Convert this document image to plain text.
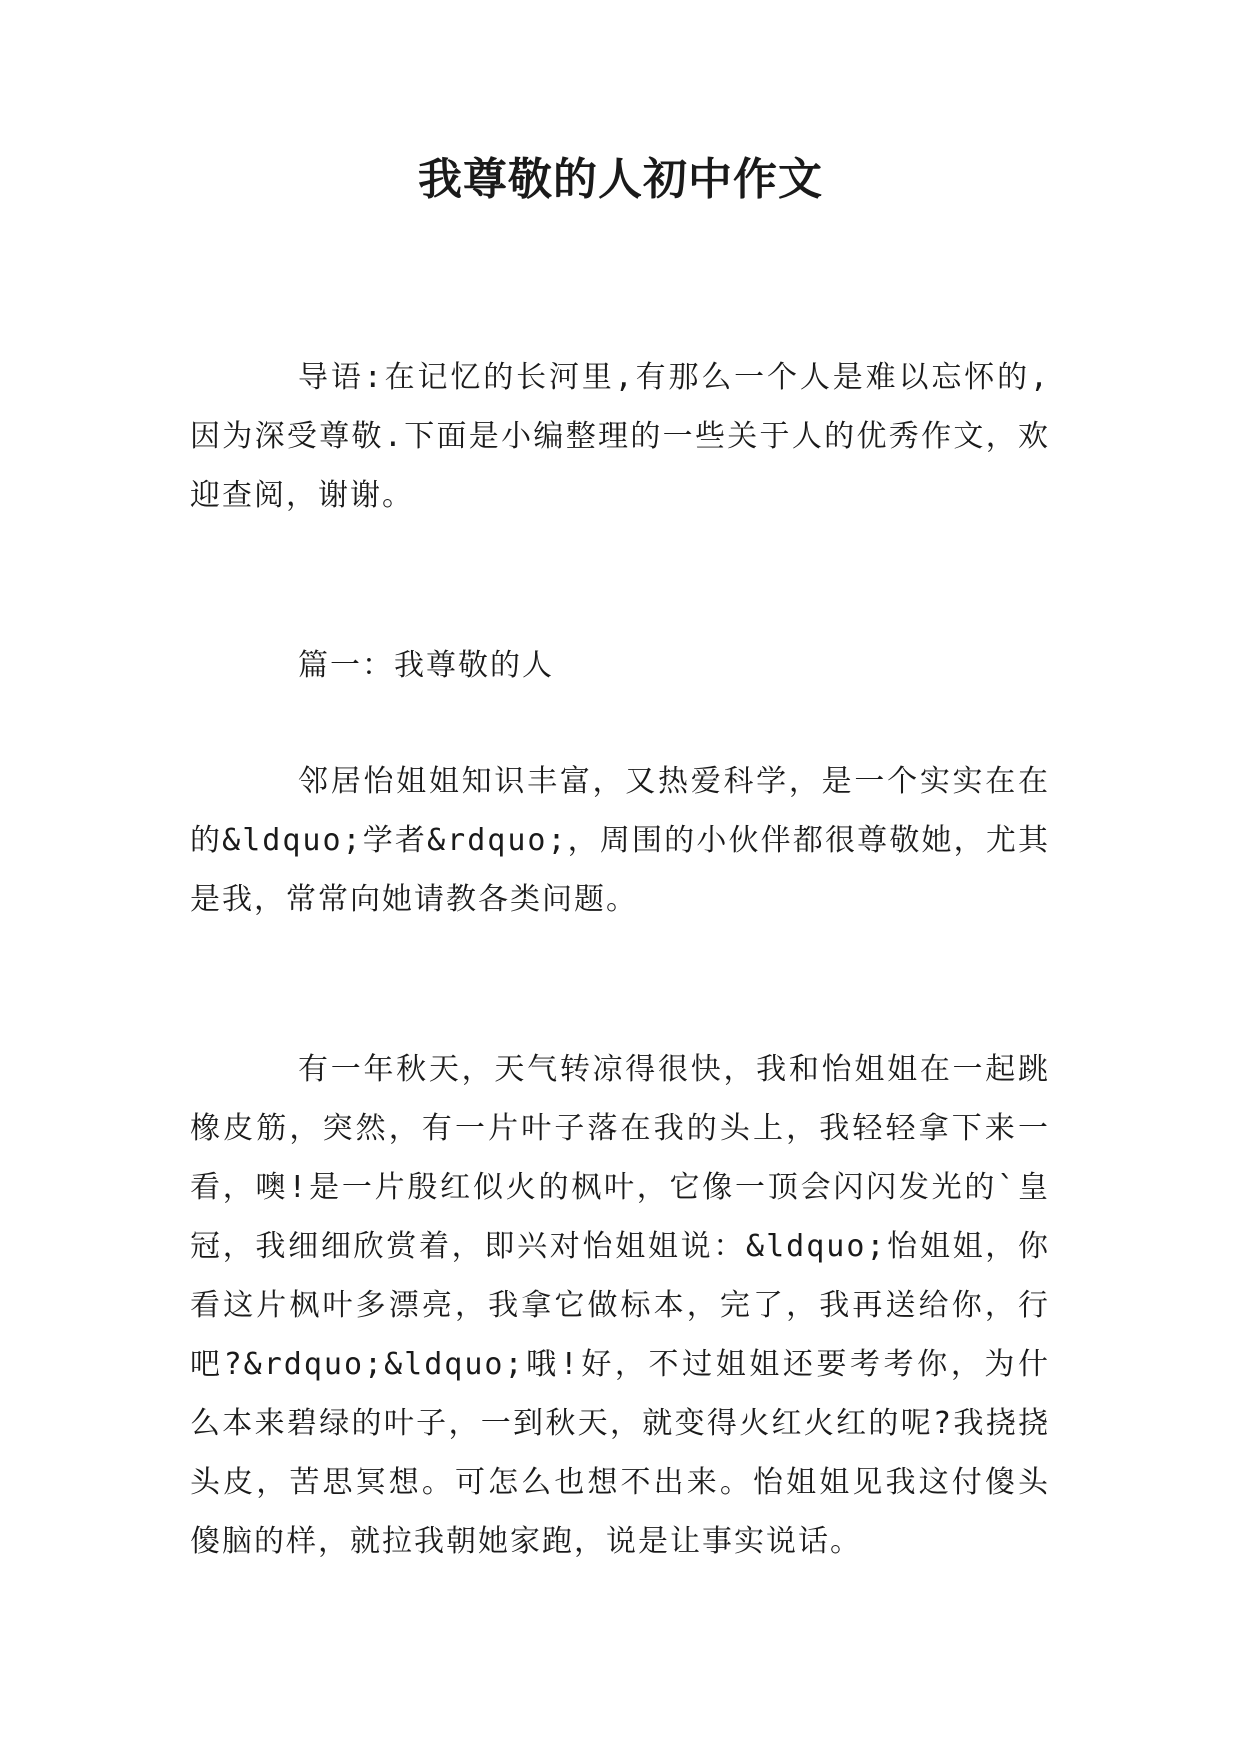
我尊敬的人初中作文

导语:在记忆的长河里,有那么一个人是难以忘怀的,因为深受尊敬.下面是小编整理的一些关于人的优秀作文，欢迎查阅，谢谢。

篇一：我尊敬的人

邻居怡姐姐知识丰富，又热爱科学，是一个实实在在的&ldquo;学者&rdquo;，周围的小伙伴都很尊敬她，尤其是我，常常向她请教各类问题。

有一年秋天，天气转凉得很快，我和怡姐姐在一起跳橡皮筋，突然，有一片叶子落在我的头上，我轻轻拿下来一看，噢!是一片殷红似火的枫叶，它像一顶会闪闪发光的`皇冠，我细细欣赏着，即兴对怡姐姐说：&ldquo;怡姐姐，你看这片枫叶多漂亮，我拿它做标本，完了，我再送给你，行吧?&rdquo;&ldquo;哦!好，不过姐姐还要考考你，为什么本来碧绿的叶子，一到秋天，就变得火红火红的呢?我挠挠头皮，苦思冥想。可怎么也想不出来。怡姐姐见我这付傻头傻脑的样，就拉我朝她家跑，说是让事实说话。
